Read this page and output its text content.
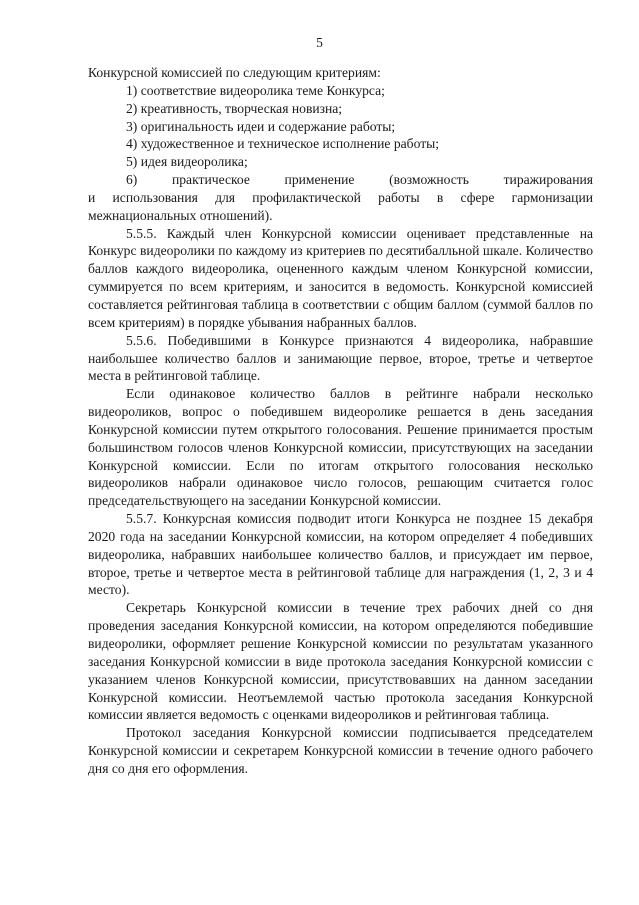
5

Конкурсной комиссией по следующим критериям:

1) соответствие видеоролика теме Конкурса;

2) креативность, творческая новизна;

3) оригинальность идеи и содержание работы;

4) художественное и техническое исполнение работы;

5) идея видеоролика;

6) практическое применение (возможность тиражирования

и использования для профилактической работы в сфере гармонизации межнациональных отношений).

5.5.5. Каждый член Конкурсной комиссии оценивает представленные на Конкурс видеоролики по каждому из критериев по десятибалльной шкале. Количество баллов каждого видеоролика, оцененного каждым членом Конкурсной комиссии, суммируется по всем критериям, и заносится в ведомость. Конкурсной комиссией составляется рейтинговая таблица в соответствии с общим баллом (суммой баллов по всем критериям) в порядке убывания набранных баллов.

5.5.6. Победившими в Конкурсе признаются 4 видеоролика, набравшие наибольшее количество баллов и занимающие первое, второе, третье и четвертое места в рейтинговой таблице.

Если одинаковое количество баллов в рейтинге набрали несколько видеороликов, вопрос о победившем видеоролике решается в день заседания Конкурсной комиссии путем открытого голосования. Решение принимается простым большинством голосов членов Конкурсной комиссии, присутствующих на заседании Конкурсной комиссии. Если по итогам открытого голосования несколько видеороликов набрали одинаковое число голосов, решающим считается голос председательствующего на заседании Конкурсной комиссии.

5.5.7. Конкурсная комиссия подводит итоги Конкурса не позднее 15 декабря 2020 года на заседании Конкурсной комиссии, на котором определяет 4 победивших видеоролика, набравших наибольшее количество баллов, и присуждает им первое, второе, третье и четвертое места в рейтинговой таблице для награждения (1, 2, 3 и 4 место).

Секретарь Конкурсной комиссии в течение трех рабочих дней со дня проведения заседания Конкурсной комиссии, на котором определяются победившие видеоролики, оформляет решение Конкурсной комиссии по результатам указанного заседания Конкурсной комиссии в виде протокола заседания Конкурсной комиссии с указанием членов Конкурсной комиссии, присутствовавших на данном заседании Конкурсной комиссии. Неотъемлемой частью протокола заседания Конкурсной комиссии является ведомость с оценками видеороликов и рейтинговая таблица.

Протокол заседания Конкурсной комиссии подписывается председателем Конкурсной комиссии и секретарем Конкурсной комиссии в течение одного рабочего дня со дня его оформления.
